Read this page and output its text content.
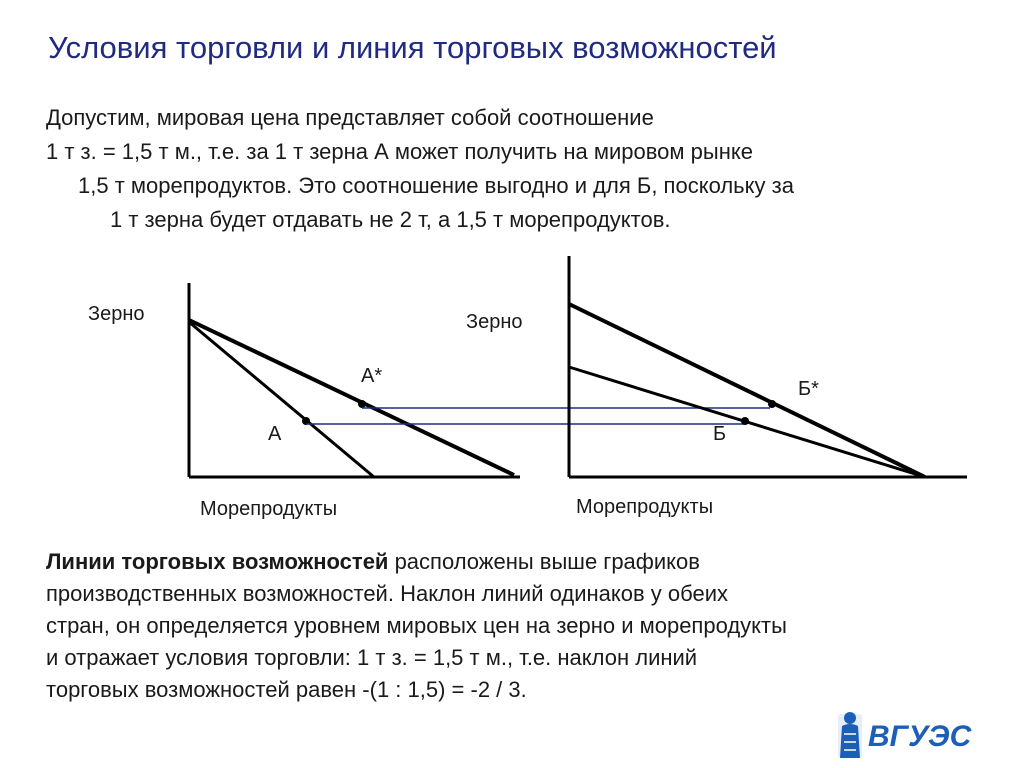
Условия торговли и линия торговых возможностей
Допустим, мировая цена представляет собой соотношение
1 т з. = 1,5 т м., т.е. за 1 т зерна А может получить на мировом рынке
1,5 т морепродуктов. Это соотношение выгодно и для Б, поскольку за
1 т зерна будет отдавать не 2 т, а 1,5 т морепродуктов.
Зерно
Морепродукты
A
A*
Зерно
Морепродукты
Б
Б*
Линии торговых возможностей расположены выше графиков
производственных возможностей. Наклон линий одинаков у обеих
стран, он определяется уровнем мировых цен на зерно и морепродукты
и отражает условия торговли: 1 т з. = 1,5 т м., т.е. наклон линий
торговых возможностей равен -(1 : 1,5) = -2 / 3.
ВГУЭС
